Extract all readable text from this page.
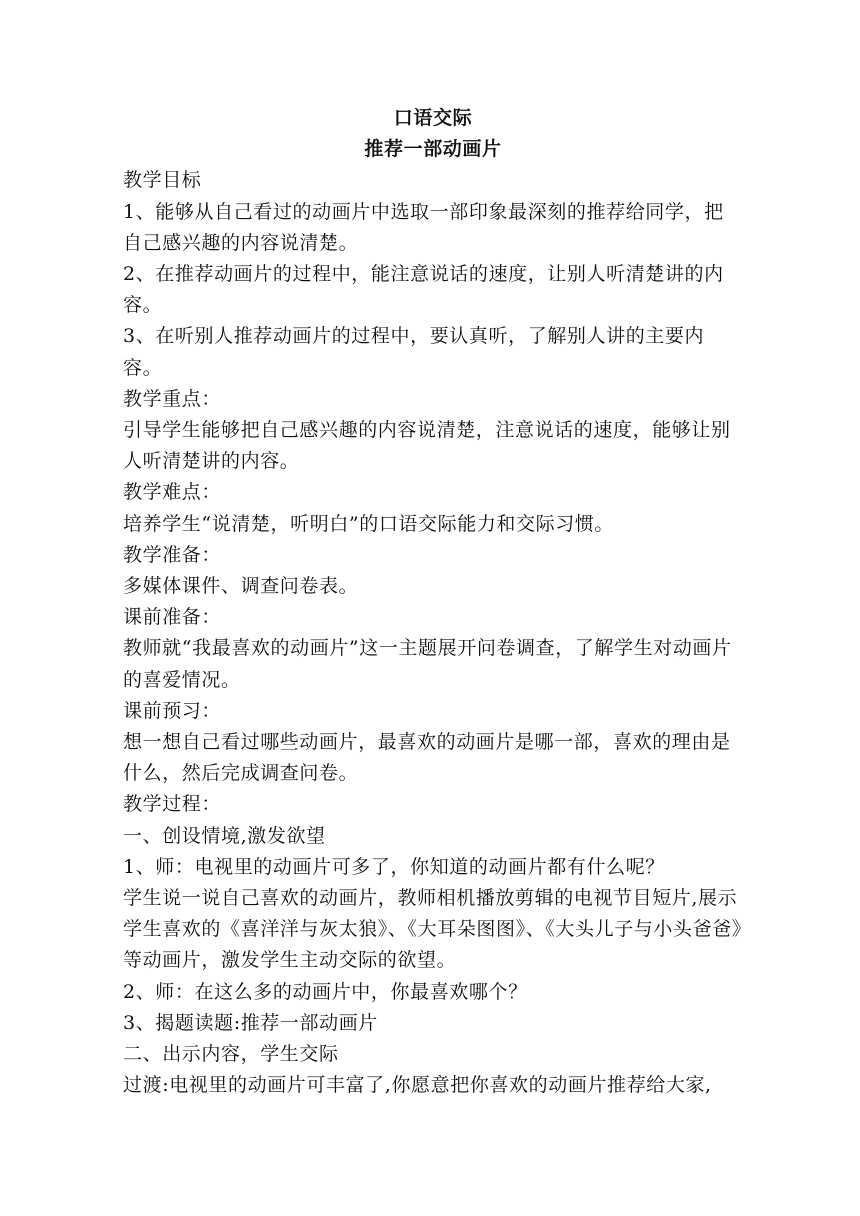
口语交际

推荐一部动画片

教学目标

1、能够从自己看过的动画片中选取一部印象最深刻的推荐给同学，把自己感兴趣的内容说清楚。

2、在推荐动画片的过程中，能注意说话的速度，让别人听清楚讲的内容。

3、在听别人推荐动画片的过程中，要认真听，了解别人讲的主要内容。

教学重点：

引导学生能够把自己感兴趣的内容说清楚，注意说话的速度，能够让别人听清楚讲的内容。

教学难点：

培养学生“说清楚，听明白”的口语交际能力和交际习惯。

教学准备：

多媒体课件、调查问卷表。

课前准备：

教师就“我最喜欢的动画片”这一主题展开问卷调查，了解学生对动画片的喜爱情况。

课前预习：

想一想自己看过哪些动画片，最喜欢的动画片是哪一部，喜欢的理由是什么，然后完成调查问卷。

教学过程：

一、创设情境,激发欲望

1、师：电视里的动画片可多了，你知道的动画片都有什么呢？

学生说一说自己喜欢的动画片，教师相机播放剪辑的电视节目短片,展示学生喜欢的《喜洋洋与灰太狼》、《大耳朵图图》、《大头儿子与小头爸爸》等动画片，激发学生主动交际的欲望。

2、师：在这么多的动画片中，你最喜欢哪个？

3、揭题读题:推荐一部动画片

二、出示内容，学生交际

过渡:电视里的动画片可丰富了,你愿意把你喜欢的动画片推荐给大家,
